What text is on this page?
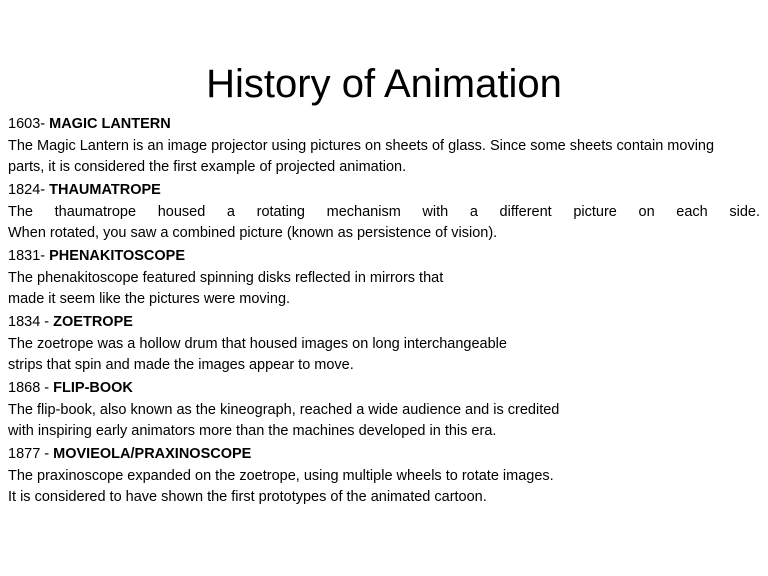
History of Animation
1603- MAGIC LANTERN
The Magic Lantern is an image projector using pictures on sheets of glass. Since some sheets contain moving
parts, it is considered the first example of projected animation.
1824- THAUMATROPE
The thaumatrope housed a rotating mechanism with a different picture on each side.
When rotated, you saw a combined picture (known as persistence of vision).
1831- PHENAKITOSCOPE
The phenakitoscope featured spinning disks reflected in mirrors that
made it seem like the pictures were moving.
1834 - ZOETROPE
The zoetrope was a hollow drum that housed images on long interchangeable
strips that spin and made the images appear to move.
1868 - FLIP-BOOK
The flip-book, also known as the kineograph, reached a wide audience and is credited
with inspiring early animators more than the machines developed in this era.
1877 - MOVIEOLA/PRAXINOSCOPE
The praxinoscope expanded on the zoetrope, using multiple wheels to rotate images.
It is considered to have shown the first prototypes of the animated cartoon.
